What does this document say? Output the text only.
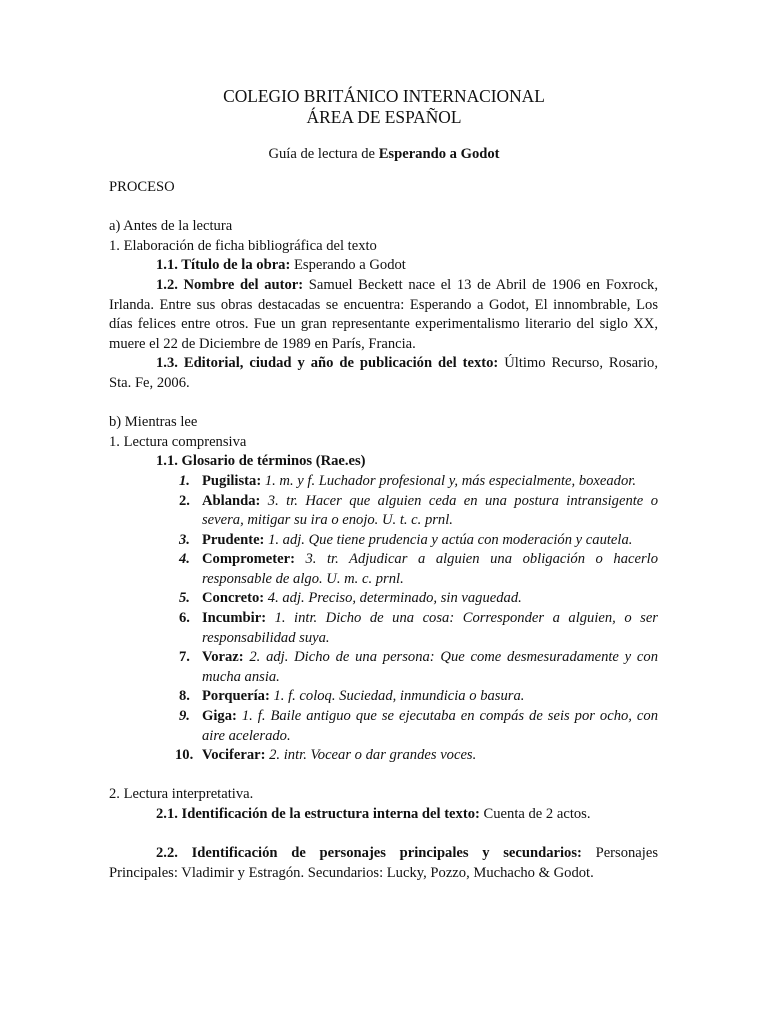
COLEGIO BRITÁNICO INTERNACIONAL
ÁREA DE ESPAÑOL
Guía de lectura de Esperando a Godot

PROCESO

a) Antes de la lectura

1. Elaboración de ficha bibliográfica del texto

1.1. Título de la obra: Esperando a Godot

1.2. Nombre del autor: Samuel Beckett nace el 13 de Abril de 1906 en Foxrock, Irlanda. Entre sus obras destacadas se encuentra: Esperando a Godot, El innombrable, Los días felices entre otros. Fue un gran representante experimentalismo literario del siglo XX, muere el 22 de Diciembre de 1989 en París, Francia.

1.3. Editorial, ciudad y año de publicación del texto: Último Recurso, Rosario, Sta. Fe, 2006.

b) Mientras lee

1. Lectura comprensiva

1.1. Glosario de términos (Rae.es)

1. Pugilista: 1. m. y f. Luchador profesional y, más especialmente, boxeador.
2. Ablanda: 3. tr. Hacer que alguien ceda en una postura intransigente o severa, mitigar su ira o enojo. U. t. c. prnl.
3. Prudente: 1. adj. Que tiene prudencia y actúa con moderación y cautela.
4. Comprometer: 3. tr. Adjudicar a alguien una obligación o hacerlo responsable de algo. U. m. c. prnl.
5. Concreto: 4. adj. Preciso, determinado, sin vaguedad.
6. Incumbir: 1. intr. Dicho de una cosa: Corresponder a alguien, o ser responsabilidad suya.
7. Voraz: 2. adj. Dicho de una persona: Que come desmesuradamente y con mucha ansia.
8. Porquería: 1. f. coloq. Suciedad, inmundicia o basura.
9. Giga: 1. f. Baile antiguo que se ejecutaba en compás de seis por ocho, con aire acelerado.
10. Vociferar: 2. intr. Vocear o dar grandes voces.

2. Lectura interpretativa.

2.1. Identificación de la estructura interna del texto: Cuenta de 2 actos.

2.2. Identificación de personajes principales y secundarios: Personajes Principales: Vladimir y Estragón. Secundarios: Lucky, Pozzo, Muchacho & Godot.
